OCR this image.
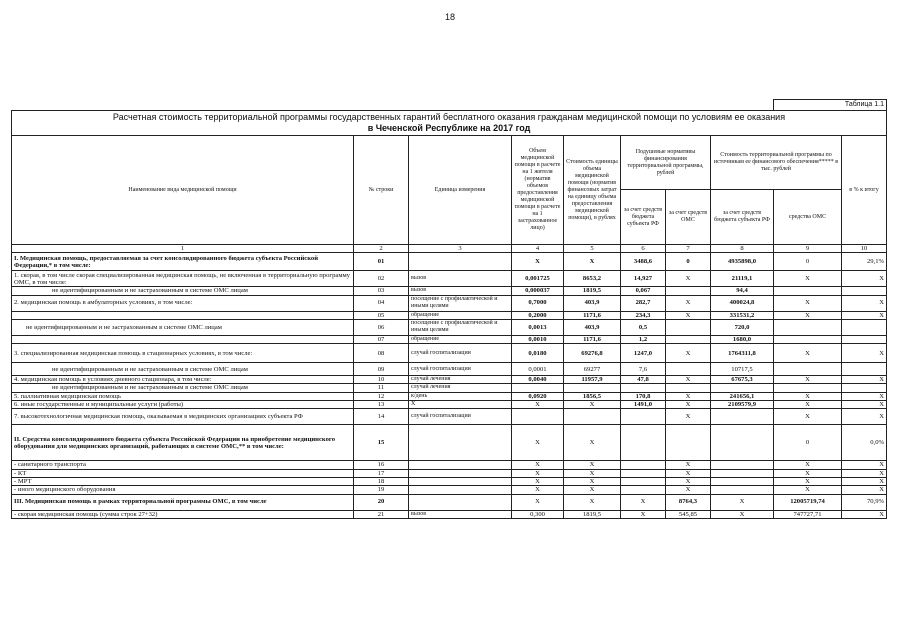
18
								Таблица 1.1	

Расчетная стоимость территориальной программы государственных гарантий бесплатного оказания гражданам медицинской помощи по условиям ее оказания
в Чеченской Республике на 2017 год									

Наименование вида медицинской помощи	№ строки	Единица измерения	Объем медицинской помощи в расчете на 1 жителя (норматив объемов предоставления медицинской помощи в расчете на 1 застрахованное лицо)	Стоимость единицы объема медицинской помощи (норматив финансовых затрат на единицу объема предоставления медицинской помощи), в рублях	Подушевые нормативы финансирования территориальной программы, рублей		Стоимость территориальной программы по источникам ее финансового обеспечения***** в тыс. рублей		в % к итогу
					за счет средств бюджета субъекта РФ	за счет средств ОМС	за счет средств бюджета субъекта РФ	средства ОМС	
1	2	3	4	5	6	7	8	9	10
I. Медицинская помощь, предоставляемая за счет консолидированного бюджета субъекта Российской Федерации,* в том числе:	01		Х	Х	3488,6	0	4935898,0	0	29,1%
1. скорая, в том числе скорая специализированная медицинская помощь, не включенная в территориальную программу ОМС, в том числе:	02	вызов	0,001725	8653,2	14,927	Х	21119,1	Х	Х
не идентифицированным и не застрахованным в системе ОМС лицам	03	вызов	0,000037	1819,5	0,067		94,4		
2. медицинская помощь в амбулаторных условиях, в том числе:	04	посещение с профилактической и иными целями	0,7000	403,9	282,7	Х	400024,8	Х	Х
	05	обращение	0,2000	1171,6	234,3	Х	331531,2	Х	Х
не идентифицированным и не застрахованным в системе ОМС лицам	06	посещение с профилактической и иными целями	0,0013	403,9	0,5		720,0		
	07	обращение	0,0010	1171,6	1,2		1680,0		
3. специализированная медицинская помощь в стационарных условиях, в том числе:	08	случай госпитализации	0,0180	69276,8	1247,0	Х	1764311,8	Х	Х
не идентифицированным и не застрахованным в системе ОМС лицам	09	случай госпитализации	0,0001	69277	7,6		10717,5		
4. медицинская помощь в условиях дневного стационара, в том числе:	10	случай лечения	0,0040	11957,9	47,8	Х	67675,3	Х	Х
не идентифицированным и не застрахованным в системе ОМС лицам	11	случай лечения							
5. паллиативная медицинская помощь	12	к/день	0,0920	1856,5	170,8	Х	241656,1	Х	Х
6. иные государственные и муниципальные услуги (работы)	13	Х	Х	Х	1491,0	Х	2109579,9	Х	Х
7. высокотехнологичная медицинская помощь, оказываемая в медицинских организациях субъекта РФ	14	случай госпитализации				Х		Х	Х
II. Средства консолидированного бюджета субъекта Российской Федерации на приобретение медицинского оборудования для медицинских организаций, работающих в системе ОМС,** в том числе:	15		Х	Х				0	0,0%
- санитарного транспорта	16		Х	Х		Х		Х	Х
- КТ	17		Х	Х		Х		Х	Х
- МРТ	18		Х	Х		Х		Х	Х
- иного медицинского оборудования	19		Х	Х		Х		Х	Х
III. Медицинская помощь в рамках территориальной программы ОМС, в том числе	20		Х	Х	Х	8764,3	Х	12005719,74	70,9%
- скорая медицинская помощь (сумма строк 27+32)	21	вызов	0,300	1819,5	Х	545,85	Х	747727,71	Х
